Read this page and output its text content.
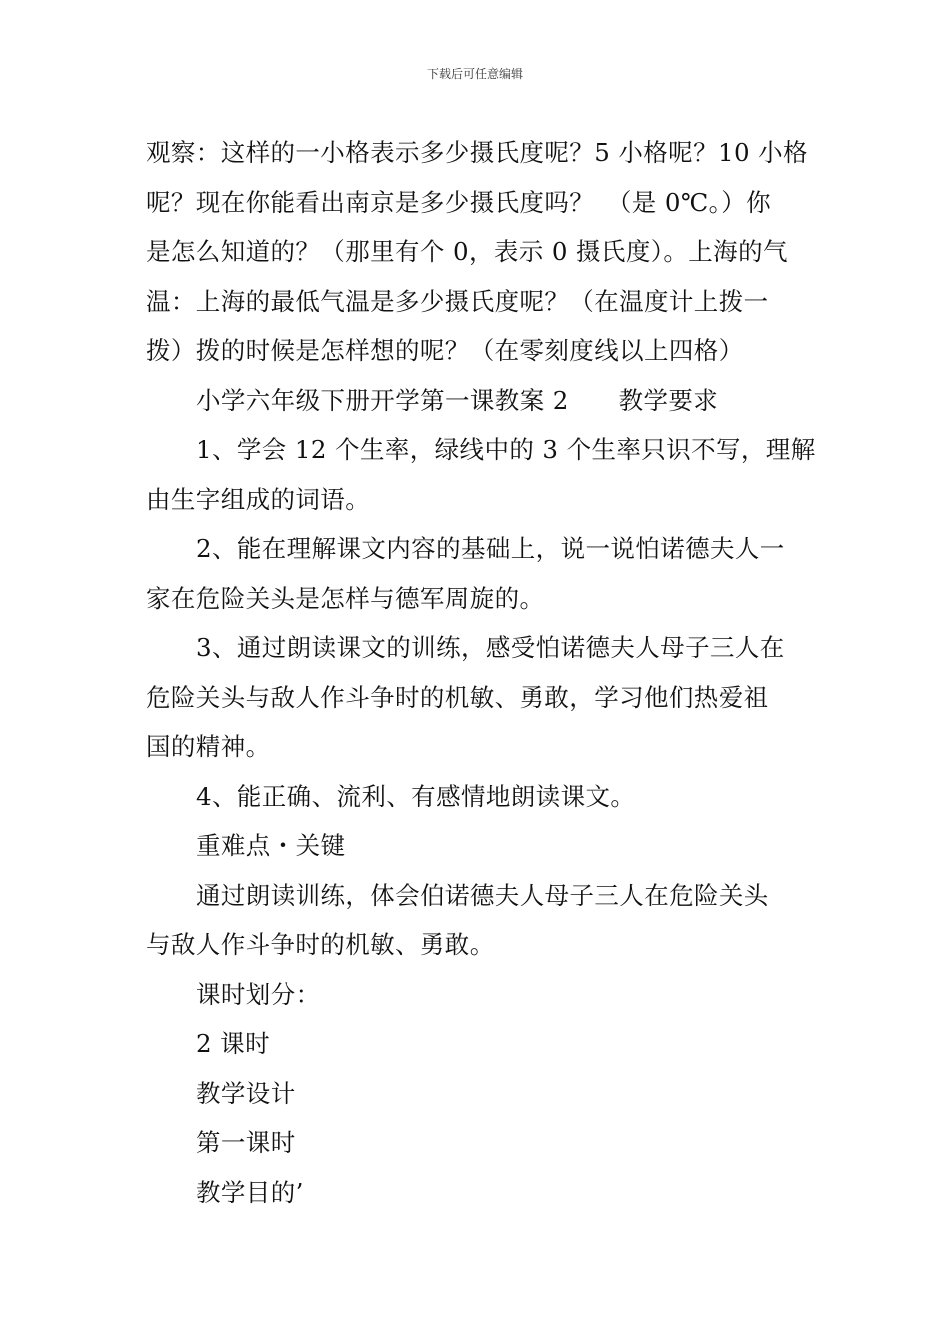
下载后可任意编辑

观察：这样的一小格表示多少摄氏度呢？5 小格呢？10 小格
呢？现在你能看出南京是多少摄氏度吗？　（是 0℃。）你
是怎么知道的？（那里有个 0，表示 0 摄氏度）。上海的气
温：上海的最低气温是多少摄氏度呢？（在温度计上拨一
拨）拨的时候是怎样想的呢？（在零刻度线以上四格）

小学六年级下册开学第一课教案 2　　教学要求

1、学会 12 个生率，绿线中的 3 个生率只识不写，理解
由生字组成的词语。

2、能在理解课文内容的基础上，说一说怕诺德夫人一
家在危险关头是怎样与德军周旋的。

3、通过朗读课文的训练，感受怕诺德夫人母子三人在
危险关头与敌人作斗争时的机敏、勇敢，学习他们热爱祖
国的精神。

4、能正确、流利、有感情地朗读课文。

重难点・关键

通过朗读训练，体会伯诺德夫人母子三人在危险关头
与敌人作斗争时的机敏、勇敢。

课时划分：

2 课时

教学设计

第一课时

教学目的’
